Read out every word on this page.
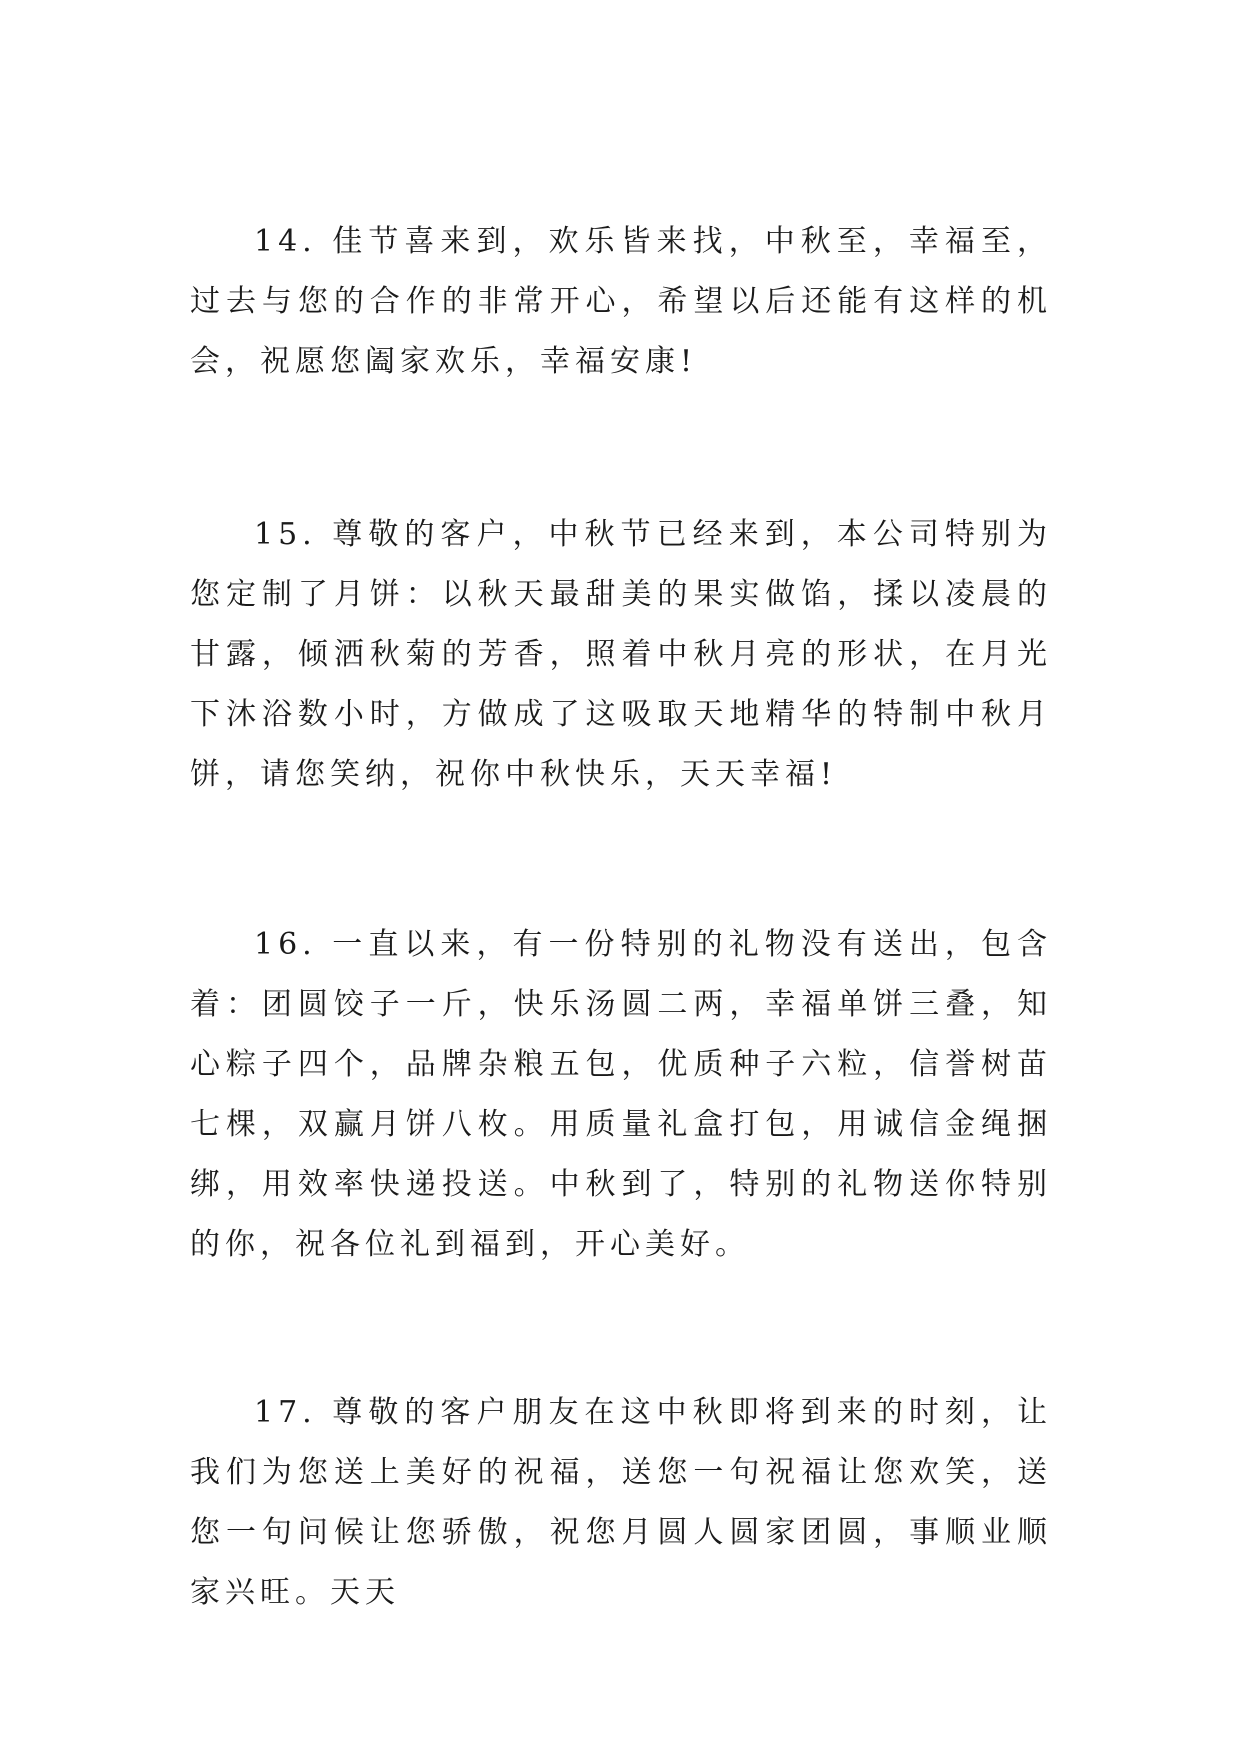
14. 佳节喜来到，欢乐皆来找，中秋至，幸福至，过去与您的合作的非常开心，希望以后还能有这样的机会，祝愿您阖家欢乐，幸福安康!

15. 尊敬的客户，中秋节已经来到，本公司特别为您定制了月饼：以秋天最甜美的果实做馅，揉以凌晨的甘露，倾洒秋菊的芳香，照着中秋月亮的形状，在月光下沐浴数小时，方做成了这吸取天地精华的特制中秋月饼，请您笑纳，祝你中秋快乐，天天幸福!

16. 一直以来，有一份特别的礼物没有送出，包含着：团圆饺子一斤，快乐汤圆二两，幸福单饼三叠，知心粽子四个，品牌杂粮五包，优质种子六粒，信誉树苗七棵，双赢月饼八枚。用质量礼盒打包，用诚信金绳捆绑，用效率快递投送。中秋到了，特别的礼物送你特别的你，祝各位礼到福到，开心美好。

17. 尊敬的客户朋友在这中秋即将到来的时刻，让我们为您送上美好的祝福，送您一句祝福让您欢笑，送您一句问候让您骄傲，祝您月圆人圆家团圆，事顺业顺家兴旺。天天
